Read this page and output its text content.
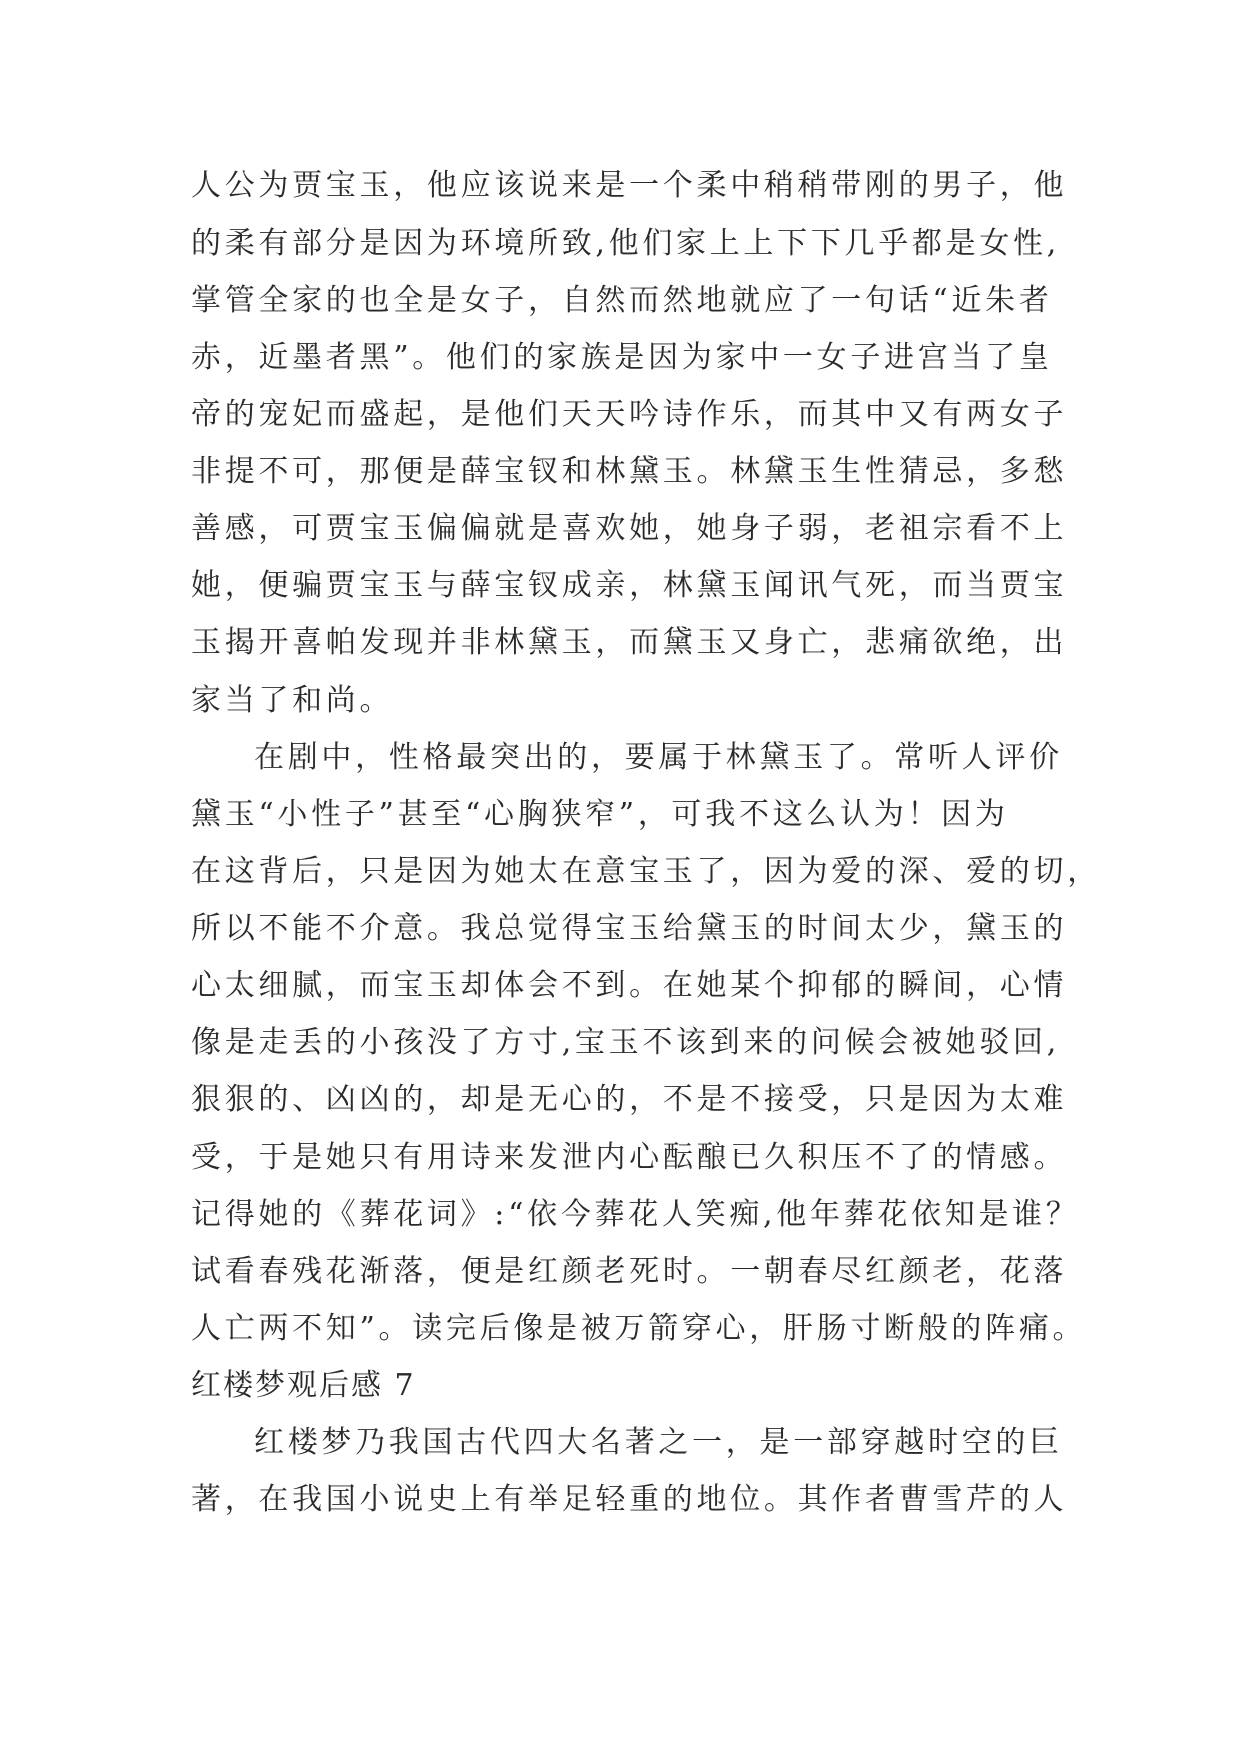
人公为贾宝玉，他应该说来是一个柔中稍稍带刚的男子，他
的柔有部分是因为环境所致,他们家上上下下几乎都是女性,
掌管全家的也全是女子，自然而然地就应了一句话“近朱者
赤，近墨者黑”。他们的家族是因为家中一女子进宫当了皇
帝的宠妃而盛起，是他们天天吟诗作乐，而其中又有两女子
非提不可，那便是薛宝钗和林黛玉。林黛玉生性猜忌，多愁
善感，可贾宝玉偏偏就是喜欢她，她身子弱，老祖宗看不上
她，便骗贾宝玉与薛宝钗成亲，林黛玉闻讯气死，而当贾宝
玉揭开喜帕发现并非林黛玉，而黛玉又身亡，悲痛欲绝，出
家当了和尚。
在剧中，性格最突出的，要属于林黛玉了。常听人评价
黛玉“小性子”甚至“心胸狭窄”，可我不这么认为！因为
在这背后，只是因为她太在意宝玉了，因为爱的深、爱的切，
所以不能不介意。我总觉得宝玉给黛玉的时间太少，黛玉的
心太细腻，而宝玉却体会不到。在她某个抑郁的瞬间，心情
像是走丢的小孩没了方寸,宝玉不该到来的问候会被她驳回,
狠狠的、凶凶的，却是无心的，不是不接受，只是因为太难
受，于是她只有用诗来发泄内心酝酿已久积压不了的情感。
记得她的《葬花词》:“依今葬花人笑痴,他年葬花依知是谁？
试看春残花渐落，便是红颜老死时。一朝春尽红颜老，花落
人亡两不知”。读完后像是被万箭穿心，肝肠寸断般的阵痛。
红楼梦观后感 7
红楼梦乃我国古代四大名著之一，是一部穿越时空的巨
著，在我国小说史上有举足轻重的地位。其作者曹雪芹的人
